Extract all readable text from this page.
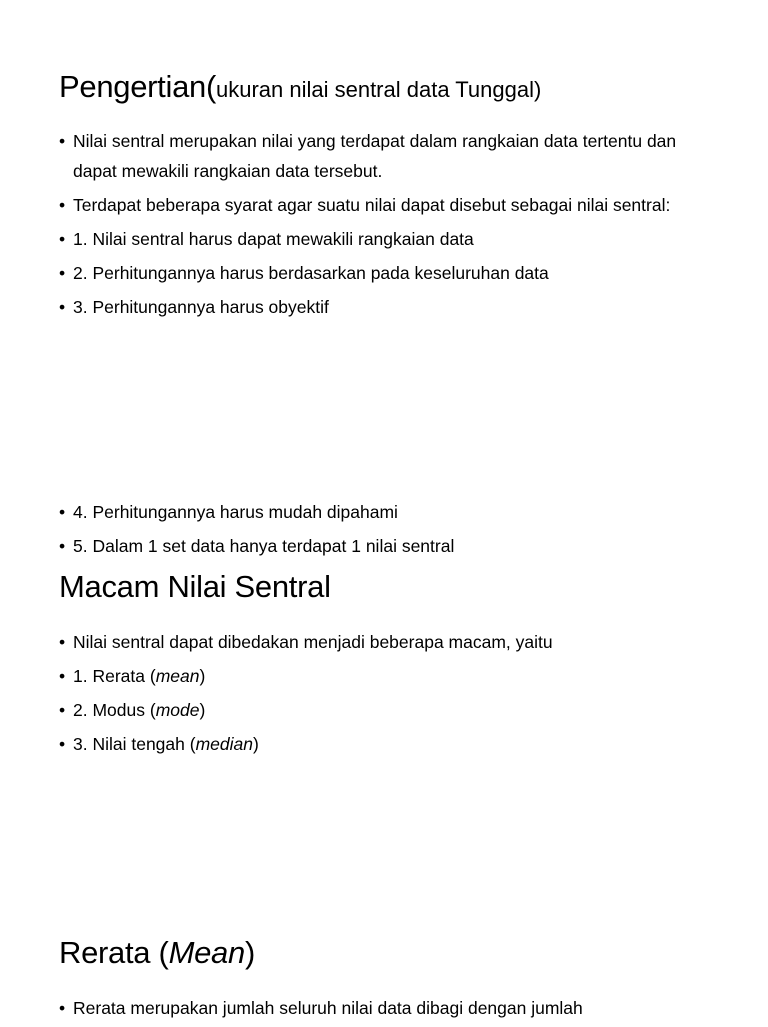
Pengertian(ukuran nilai sentral data Tunggal)
• Nilai sentral merupakan nilai yang terdapat dalam rangkaian data tertentu dan dapat mewakili rangkaian data tersebut.
• Terdapat beberapa syarat agar suatu nilai dapat disebut sebagai nilai sentral:
• 1. Nilai sentral harus dapat mewakili rangkaian data
• 2. Perhitungannya harus berdasarkan pada keseluruhan data
• 3. Perhitungannya harus obyektif
• 4. Perhitungannya harus mudah dipahami
• 5. Dalam 1 set data hanya terdapat 1 nilai sentral
Macam Nilai Sentral
• Nilai sentral dapat dibedakan menjadi beberapa macam, yaitu
• 1. Rerata (mean)
• 2. Modus (mode)
• 3. Nilai tengah (median)
Rerata (Mean)
• Rerata merupakan jumlah seluruh nilai data dibagi dengan jumlah
